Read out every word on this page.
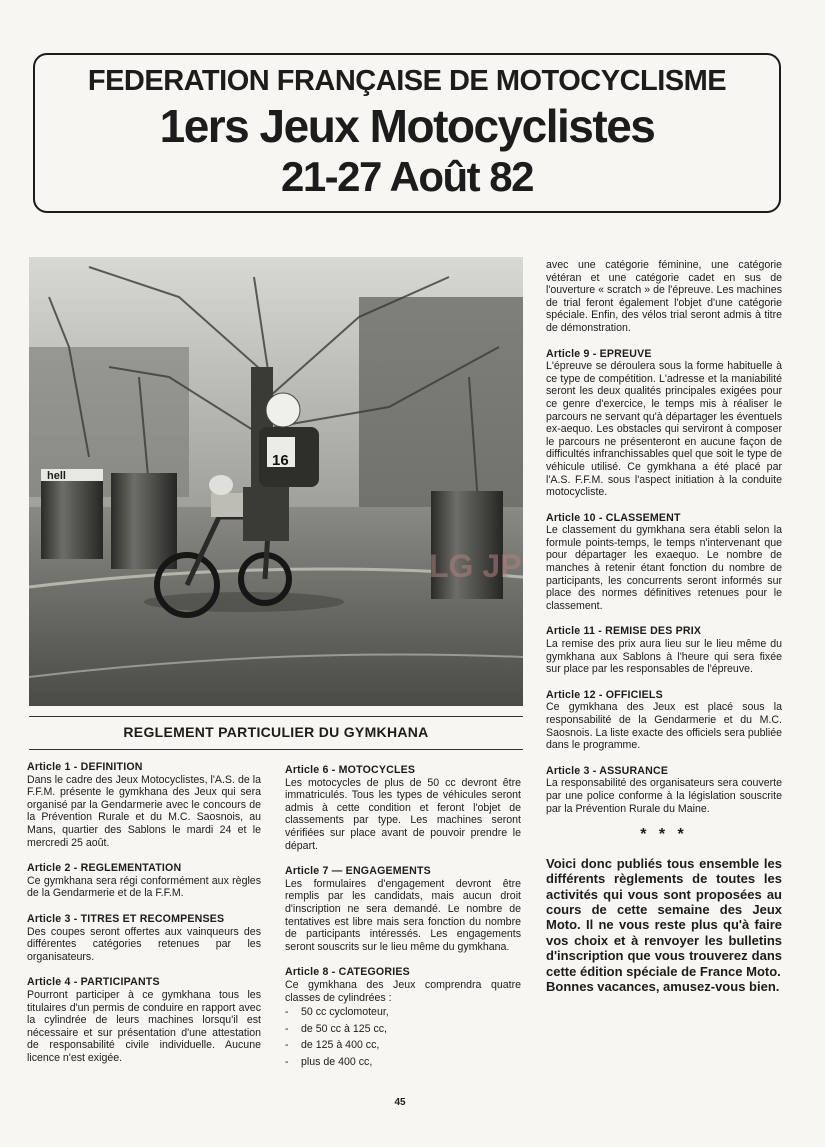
FEDERATION FRANÇAISE DE MOTOCYCLISME
1ers Jeux Motocyclistes
21-27 Août 82
hell
16
LG JP
REGLEMENT PARTICULIER DU GYMKHANA
Article 1 - DEFINITION
Dans le cadre des Jeux Motocyclistes, l'A.S. de la F.F.M. présente le gymkhana des Jeux qui sera organisé par la Gendarmerie avec le concours de la Prévention Rurale et du M.C. Saosnois, au Mans, quartier des Sablons le mardi 24 et le mercredi 25 août.
Article 2 - REGLEMENTATION
Ce gymkhana sera régi conformément aux règles de la Gendarmerie et de la F.F.M.
Article 3 - TITRES ET RECOMPENSES
Des coupes seront offertes aux vainqueurs des différentes catégories retenues par les organisateurs.
Article 4 - PARTICIPANTS
Pourront participer à ce gymkhana tous les titulaires d'un permis de conduire en rapport avec la cylindrée de leurs machines lorsqu'il est nécessaire et sur présentation d'une attestation de responsabilité civile individuelle. Aucune licence n'est exigée.
Article 6 - MOTOCYCLES
Les motocycles de plus de 50 cc devront être immatriculés. Tous les types de véhicules seront admis à cette condition et feront l'objet de classements par type. Les machines seront vérifiées sur place avant de pouvoir prendre le départ.
Article 7 — ENGAGEMENTS
Les formulaires d'engagement devront être remplis par les candidats, mais aucun droit d'inscription ne sera demandé. Le nombre de tentatives est libre mais sera fonction du nombre de participants intéressés. Les engagements seront souscrits sur le lieu même du gymkhana.
Article 8 - CATEGORIES
Ce gymkhana des Jeux comprendra quatre classes de cylindrées :
- 50 cc cyclomoteur,
- de 50 cc à 125 cc,
- de 125 à 400 cc,
- plus de 400 cc,
avec une catégorie féminine, une catégorie vétéran et une catégorie cadet en sus de l'ouverture « scratch » de l'épreuve. Les machines de trial feront également l'objet d'une catégorie spéciale. Enfin, des vélos trial seront admis à titre de démonstration.
Article 9 - EPREUVE
L'épreuve se déroulera sous la forme habituelle à ce type de compétition. L'adresse et la maniabilité seront les deux qualités principales exigées pour ce genre d'exercice, le temps mis à réaliser le parcours ne servant qu'à départager les éventuels ex-aequo. Les obstacles qui serviront à composer le parcours ne présenteront en aucune façon de difficultés infranchissables quel que soit le type de véhicule utilisé. Ce gymkhana a été placé par l'A.S. F.F.M. sous l'aspect initiation à la conduite motocycliste.
Article 10 - CLASSEMENT
Le classement du gymkhana sera établi selon la formule points-temps, le temps n'intervenant que pour départager les exaequo. Le nombre de manches à retenir étant fonction du nombre de participants, les concurrents seront informés sur place des normes définitives retenues pour le classement.
Article 11 - REMISE DES PRIX
La remise des prix aura lieu sur le lieu même du gymkhana aux Sablons à l'heure qui sera fixée sur place par les responsables de l'épreuve.
Article 12 - OFFICIELS
Ce gymkhana des Jeux est placé sous la responsabilité de la Gendarmerie et du M.C. Saosnois. La liste exacte des officiels sera publiée dans le programme.
Article 3 - ASSURANCE
La responsabilité des organisateurs sera couverte par une police conforme à la législation souscrite par la Prévention Rurale du Maine.
* * *
Voici donc publiés tous ensemble les différents règlements de toutes les activités qui vous sont proposées au cours de cette semaine des Jeux Moto. Il ne vous reste plus qu'à faire vos choix et à renvoyer les bulletins d'inscription que vous trouverez dans cette édition spéciale de France Moto.
Bonnes vacances, amusez-vous bien.
45
